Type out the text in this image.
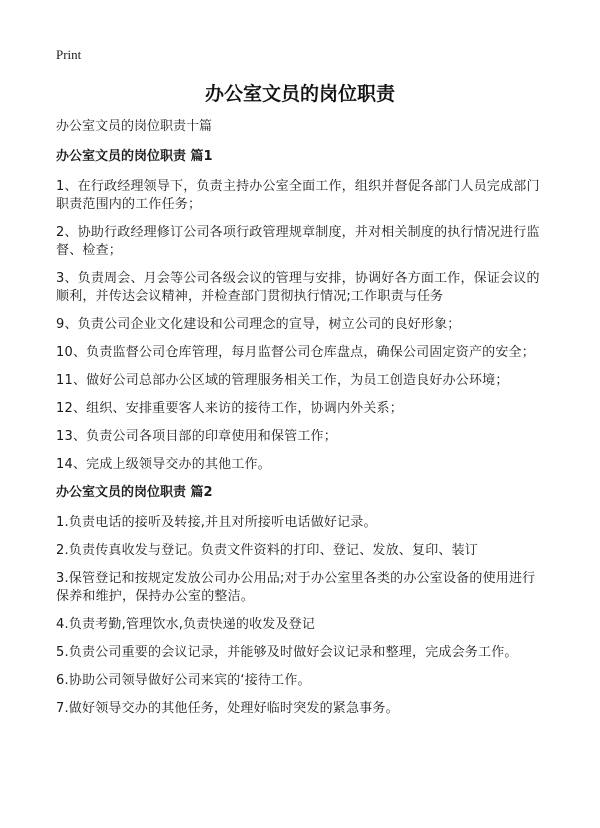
Print
办公室文员的岗位职责

办公室文员的岗位职责十篇

办公室文员的岗位职责 篇1

1、在行政经理领导下，负责主持办公室全面工作，组织并督促各部门人员完成部门职责范围内的工作任务；

2、协助行政经理修订公司各项行政管理规章制度，并对相关制度的执行情况进行监督、检查；

3、负责周会、月会等公司各级会议的管理与安排，协调好各方面工作，保证会议的顺利，并传达会议精神，并检查部门贯彻执行情况;工作职责与任务

9、负责公司企业文化建设和公司理念的宣导，树立公司的良好形象；

10、负责监督公司仓库管理，每月监督公司仓库盘点，确保公司固定资产的安全；

11、做好公司总部办公区域的管理服务相关工作，为员工创造良好办公环境；

12、组织、安排重要客人来访的接待工作，协调内外关系；

13、负责公司各项目部的印章使用和保管工作；

14、完成上级领导交办的其他工作。

办公室文员的岗位职责 篇2

1.负责电话的接听及转接,并且对所接听电话做好记录。

2.负责传真收发与登记。负责文件资料的打印、登记、发放、复印、装订

3.保管登记和按规定发放公司办公用品;对于办公室里各类的办公室设备的使用进行保养和维护，保持办公室的整洁。

4.负责考勤,管理饮水,负责快递的收发及登记

5.负责公司重要的会议记录，并能够及时做好会议记录和整理，完成会务工作。

6.协助公司领导做好公司来宾的‘接待工作。

7.做好领导交办的其他任务，处理好临时突发的紧急事务。
